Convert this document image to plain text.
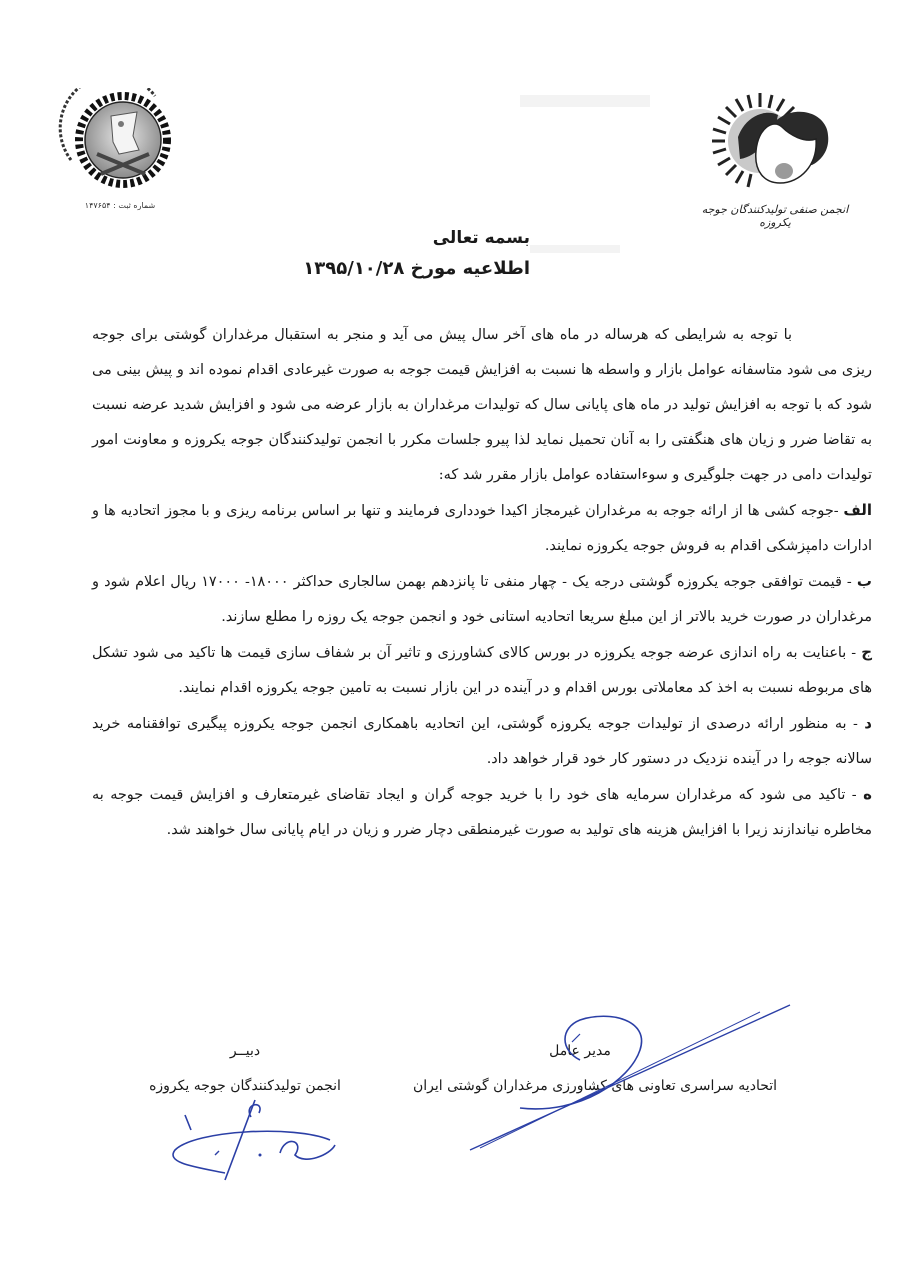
شماره ثبت : ۱۴۷۶۵۴	انجمن صنفی تولیدکنندگان جوجه یکروزه
بسمه تعالی
اطلاعیه مورخ ۱۳۹۵/۱۰/۲۸

با توجه به شرایطی که هرساله در ماه های آخر سال پیش می آید و منجر به استقبال مرغداران گوشتی برای جوجه ریزی می شود متاسفانه عوامل بازار و واسطه ها نسبت به افزایش قیمت جوجه به صورت غیرعادی اقدام نموده اند و پیش بینی می شود که با توجه به افزایش تولید در ماه های پایانی سال که تولیدات مرغداران به بازار عرضه می شود و افزایش شدید عرضه نسبت به تقاضا ضرر و زیان های هنگفتی را به آنان تحمیل نماید لذا پیرو جلسات مکرر با انجمن تولیدکنندگان جوجه یکروزه و معاونت امور تولیدات دامی در جهت جلوگیری و سوءاستفاده عوامل بازار مقرر شد که:

الف -جوجه کشی ها از ارائه جوجه به مرغداران غیرمجاز اکیدا خودداری فرمایند و تنها بر اساس برنامه ریزی و با مجوز اتحادیه ها و ادارات دامپزشکی اقدام به فروش جوجه یکروزه نمایند.

ب - قیمت توافقی جوجه یکروزه گوشتی درجه یک - چهار منفی تا پانزدهم بهمن سالجاری حداکثر ۱۸۰۰۰- ۱۷۰۰۰ ریال اعلام شود و مرغداران در صورت خرید بالاتر از این مبلغ سریعا اتحادیه استانی خود و انجمن جوجه یک روزه را مطلع سازند.

ج - باعنایت به راه اندازی عرضه جوجه یکروزه در بورس کالای کشاورزی و تاثیر آن بر شفاف سازی قیمت ها تاکید می شود تشکل های مربوطه نسبت به اخذ کد معاملاتی بورس اقدام و در آینده در این بازار نسبت به تامین جوجه یکروزه اقدام نمایند.

د - به منظور ارائه درصدی از تولیدات جوجه یکروزه گوشتی، این اتحادیه باهمکاری انجمن جوجه یکروزه پیگیری توافقنامه خرید سالانه جوجه را در آینده نزدیک در دستور کار خود قرار خواهد داد.

ه - تاکید می شود که مرغداران سرمایه های خود را با خرید جوجه گران و ایجاد تقاضای غیرمتعارف و افزایش قیمت جوجه به مخاطره نیاندازند زیرا با افزایش هزینه های تولید به صورت غیرمنطقی دچار ضرر و زیان در ایام پایانی سال خواهند شد.

مدیر عامل
اتحادیه سراسری تعاونی های کشاورزی مرغداران گوشتی ایران
دبیــر
انجمن تولیدکنندگان جوجه یکروزه
